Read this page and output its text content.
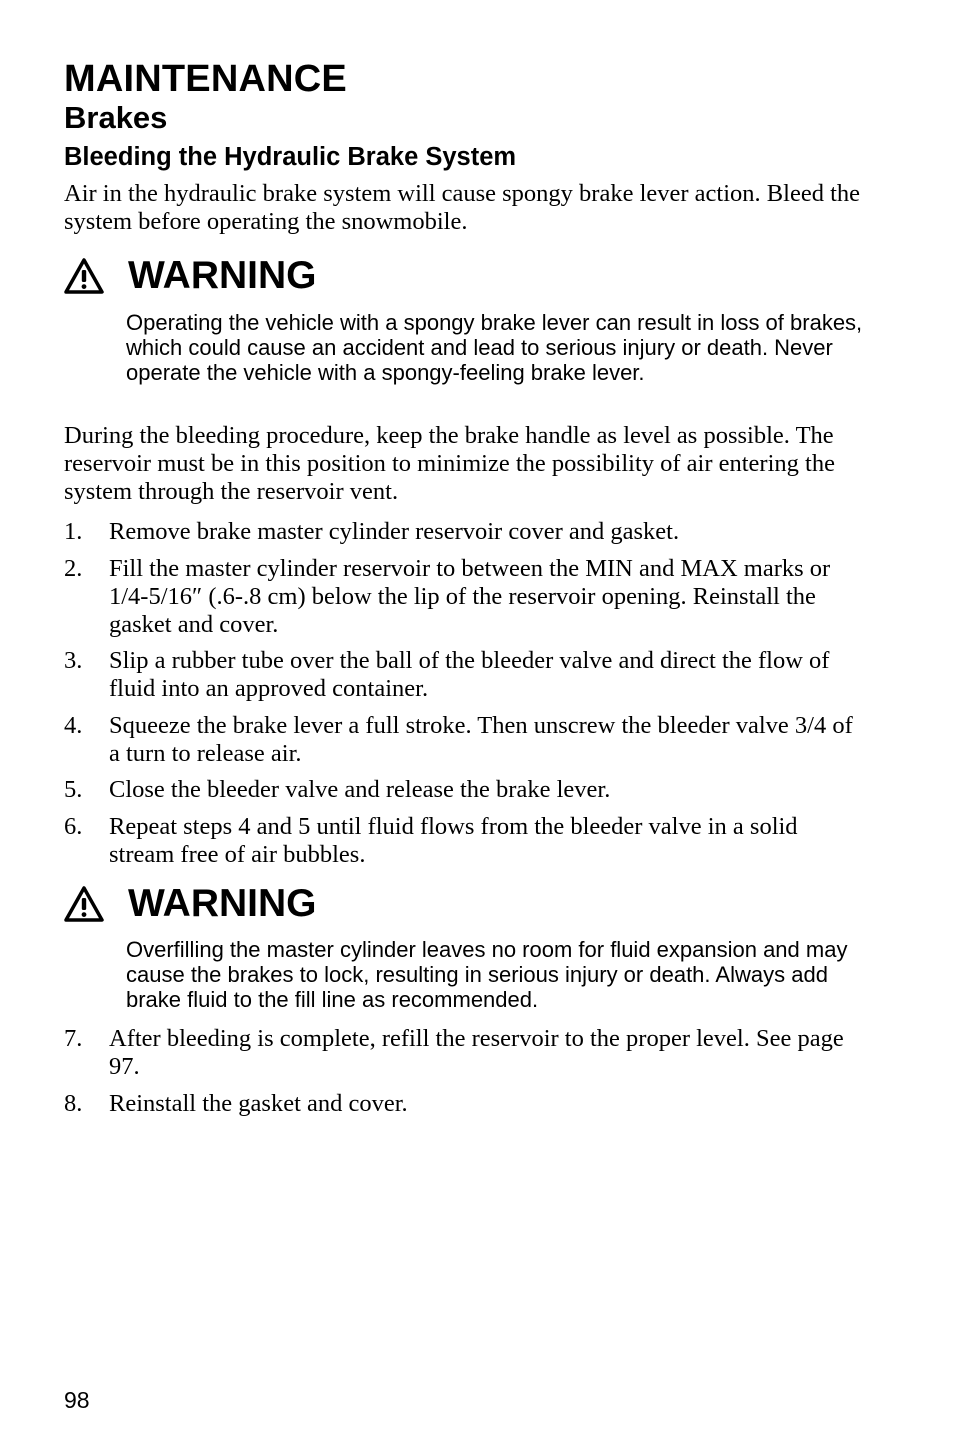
MAINTENANCE
Brakes
Bleeding the Hydraulic Brake System

Air in the hydraulic brake system will cause spongy brake lever action. Bleed the system before operating the snowmobile.

WARNING

Operating the vehicle with a spongy brake lever can result in loss of brakes, which could cause an accident and lead to serious injury or death. Never operate the vehicle with a spongy-feeling brake lever.

During the bleeding procedure, keep the brake handle as level as possible. The reservoir must be in this position to minimize the possibility of air entering the system through the reservoir vent.

1.	Remove brake master cylinder reservoir cover and gasket.
2.	Fill the master cylinder reservoir to between the MIN and MAX marks or 1/4-5/16″ (.6-.8 cm) below the lip of the reservoir opening. Reinstall the gasket and cover.
3.	Slip a rubber tube over the ball of the bleeder valve and direct the flow of fluid into an approved container.
4.	Squeeze the brake lever a full stroke. Then unscrew the bleeder valve 3/4 of a turn to release air.
5.	Close the bleeder valve and release the brake lever.
6.	Repeat steps 4 and 5 until fluid flows from the bleeder valve in a solid stream free of air bubbles.
WARNING

Overfilling the master cylinder leaves no room for fluid expansion and may cause the brakes to lock, resulting in serious injury or death. Always add brake fluid to the fill line as recommended.

7.	After bleeding is complete, refill the reservoir to the proper level. See page 97.
8.	Reinstall the gasket and cover.
98
